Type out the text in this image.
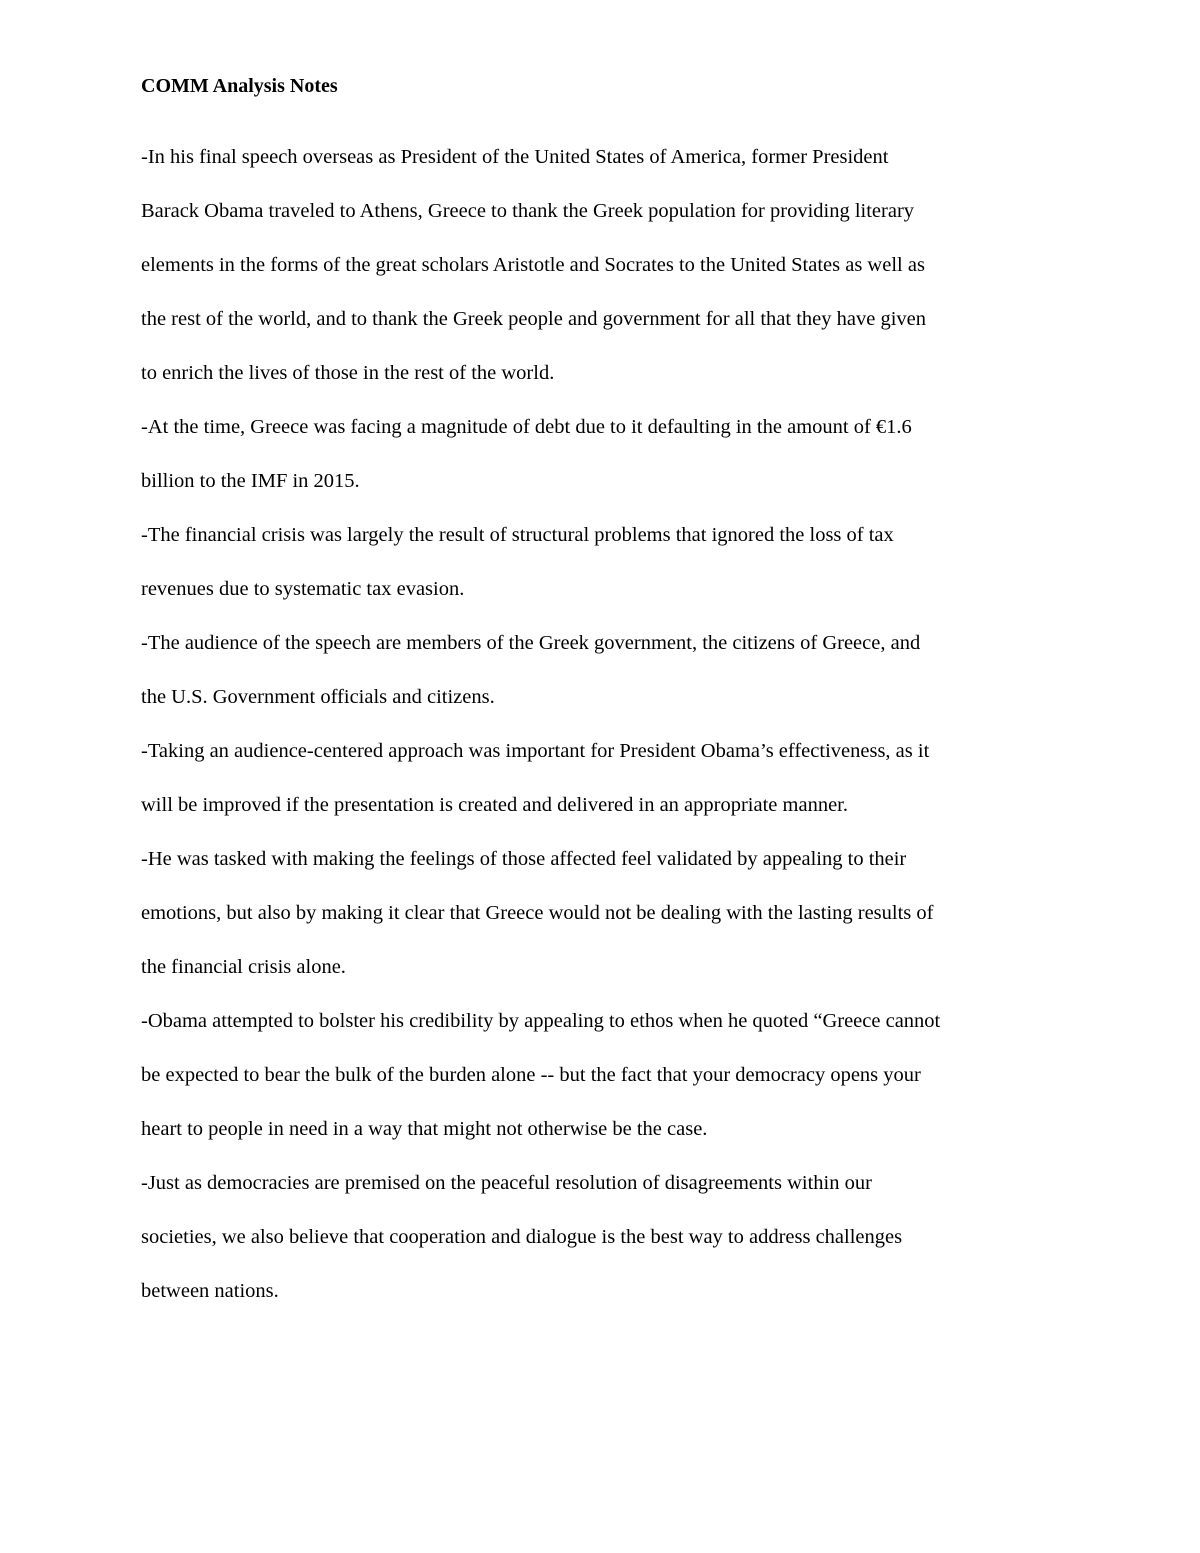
COMM Analysis Notes

-In his final speech overseas as President of the United States of America, former President

Barack Obama traveled to Athens, Greece to thank the Greek population for providing literary

elements in the forms of the great scholars Aristotle and Socrates to the United States as well as

the rest of the world, and to thank the Greek people and government for all that they have given

to enrich the lives of those in the rest of the world.

-At the time, Greece was facing a magnitude of debt due to it defaulting in the amount of €1.6

billion to the IMF in 2015.

-The financial crisis was largely the result of structural problems that ignored the loss of tax

revenues due to systematic tax evasion.

-The audience of the speech are members of the Greek government, the citizens of Greece, and

the U.S. Government officials and citizens.

-Taking an audience-centered approach was important for President Obama’s effectiveness, as it

will be improved if the presentation is created and delivered in an appropriate manner.

-He was tasked with making the feelings of those affected feel validated by appealing to their

emotions, but also by making it clear that Greece would not be dealing with the lasting results of

the financial crisis alone.

-Obama attempted to bolster his credibility by appealing to ethos when he quoted “Greece cannot

be expected to bear the bulk of the burden alone -- but the fact that your democracy opens your

heart to people in need in a way that might not otherwise be the case.

-Just as democracies are premised on the peaceful resolution of disagreements within our

societies, we also believe that cooperation and dialogue is the best way to address challenges

between nations.
